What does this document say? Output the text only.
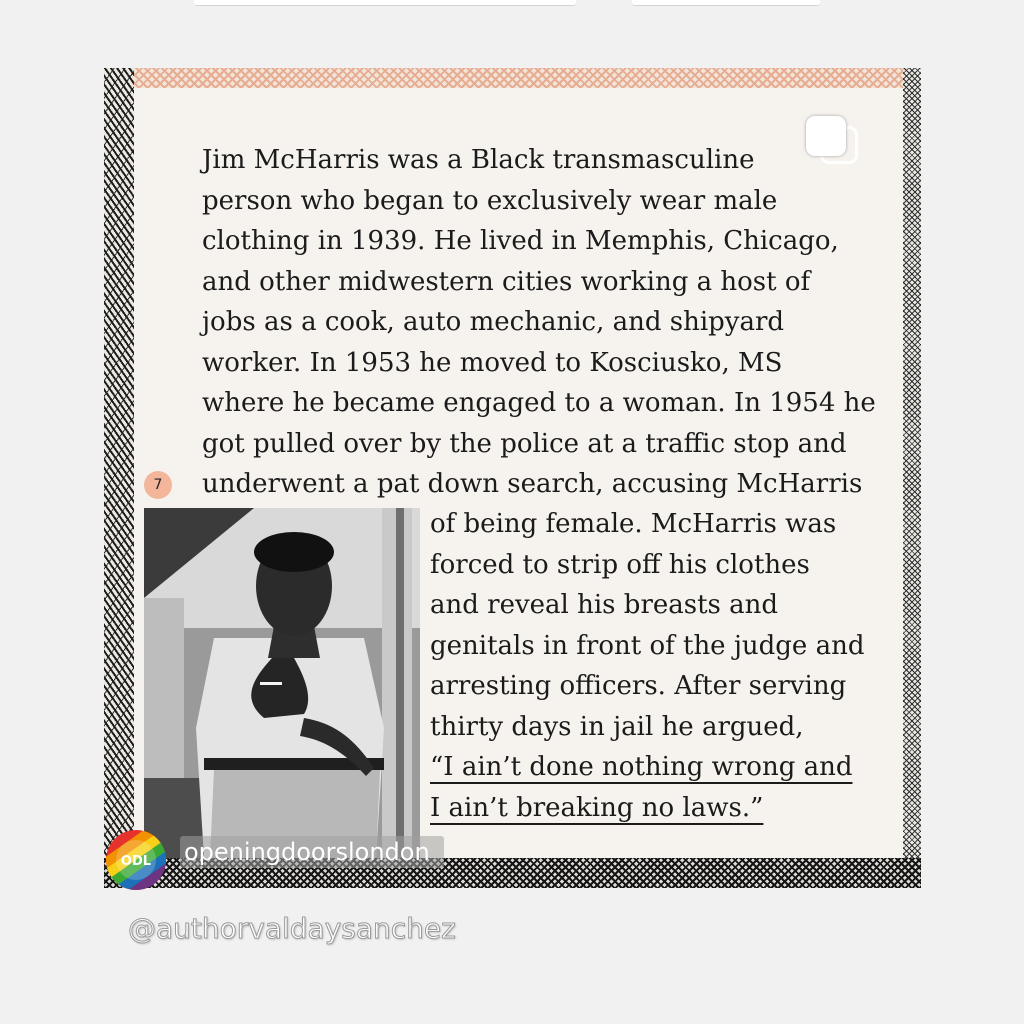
Jim McHarris was a Black transmasculine
person who began to exclusively wear male
clothing in 1939. He lived in Memphis, Chicago,
and other midwestern cities working a host of
jobs as a cook, auto mechanic, and shipyard
worker. In 1953 he moved to Kosciusko, MS
where he became engaged to a woman. In 1954 he
got pulled over by the police at a traffic stop and
underwent a pat down search, accusing McHarris

7
of being female. McHarris was
forced to strip off his clothes
and reveal his breasts and
genitals in front of the judge and
arresting officers. After serving
thirty days in jail he argued,
“I ain’t done nothing wrong and
I ain’t breaking no laws.”
ODL openingdoorslondon
@authorvaldaysanchez
